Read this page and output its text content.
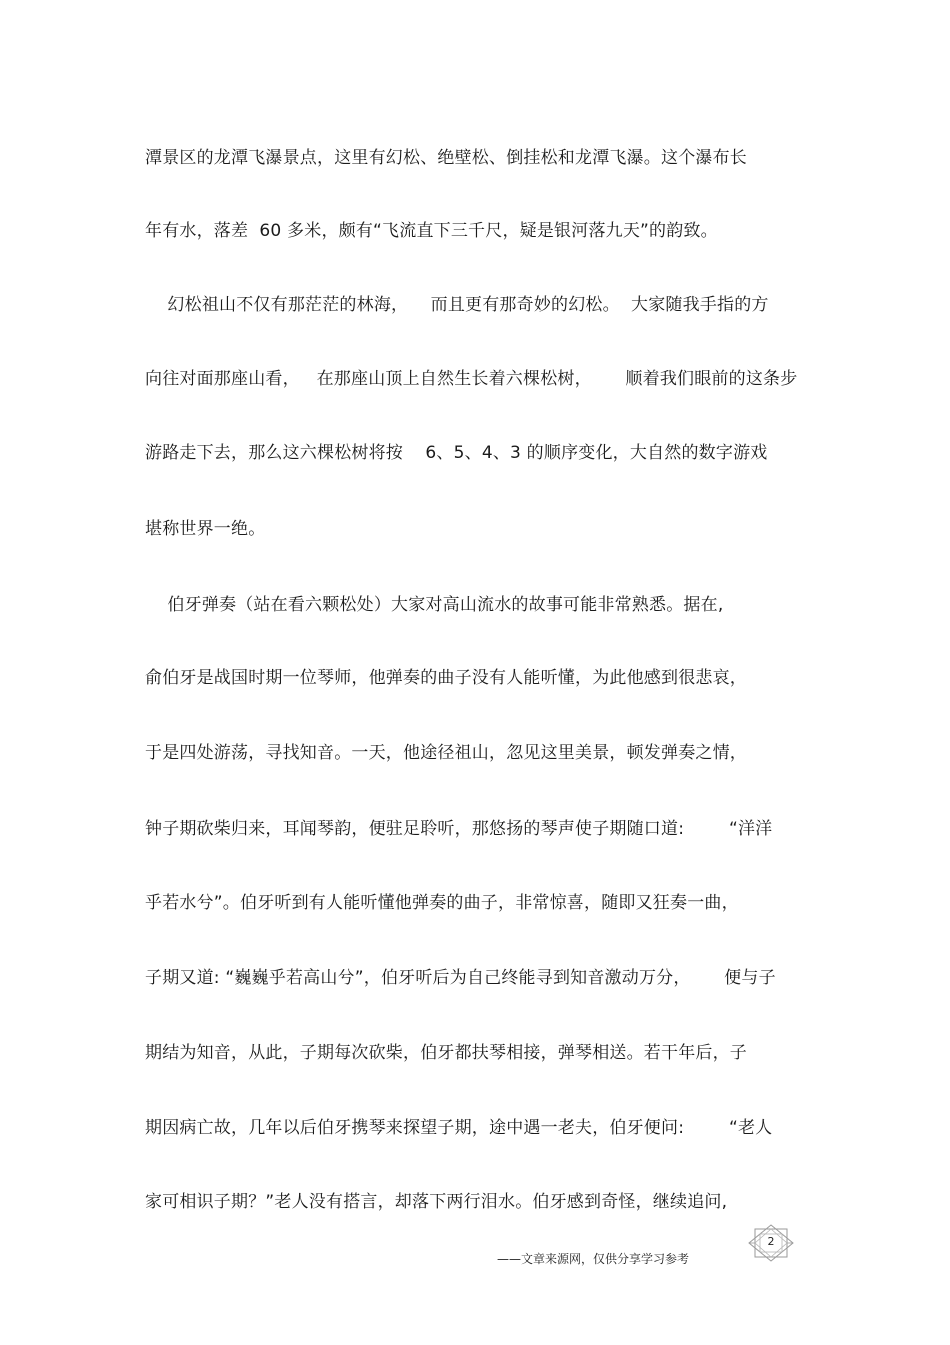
潭景区的龙潭飞瀑景点，这里有幻松、绝壁松、倒挂松和龙潭飞瀑。这个瀑布长
年有水，落差  60 多米，颇有“飞流直下三千尺，疑是银河落九天”的韵致。
幻松祖山不仅有那茫茫的林海，    而且更有那奇妙的幻松。  大家随我手指的方
向往对面那座山看，   在那座山顶上自然生长着六棵松树，      顺着我们眼前的这条步
游路走下去，那么这六棵松树将按    6、5、4、3 的顺序变化，大自然的数字游戏
堪称世界一绝。
伯牙弹奏（站在看六颗松处）大家对高山流水的故事可能非常熟悉。据在,
俞伯牙是战国时期一位琴师，他弹奏的曲子没有人能听懂，为此他感到很悲哀，
于是四处游荡，寻找知音。一天，他途径祖山，忽见这里美景，顿发弹奏之情，
钟子期砍柴归来，耳闻琴韵，便驻足聆听，那悠扬的琴声使子期随口道:        “洋洋
乎若水兮”。伯牙听到有人能听懂他弹奏的曲子，非常惊喜，随即又狂奏一曲，
子期又道: “巍巍乎若高山兮”，伯牙听后为自己终能寻到知音激动万分，      便与子
期结为知音，从此，子期每次砍柴，伯牙都扶琴相接，弹琴相送。若干年后，子
期因病亡故，几年以后伯牙携琴来探望子期，途中遇一老夫，伯牙便问:        “老人
家可相识子期？”老人没有搭言，却落下两行泪水。伯牙感到奇怪，继续追问,
——文章来源网，仅供分享学习参考
2
